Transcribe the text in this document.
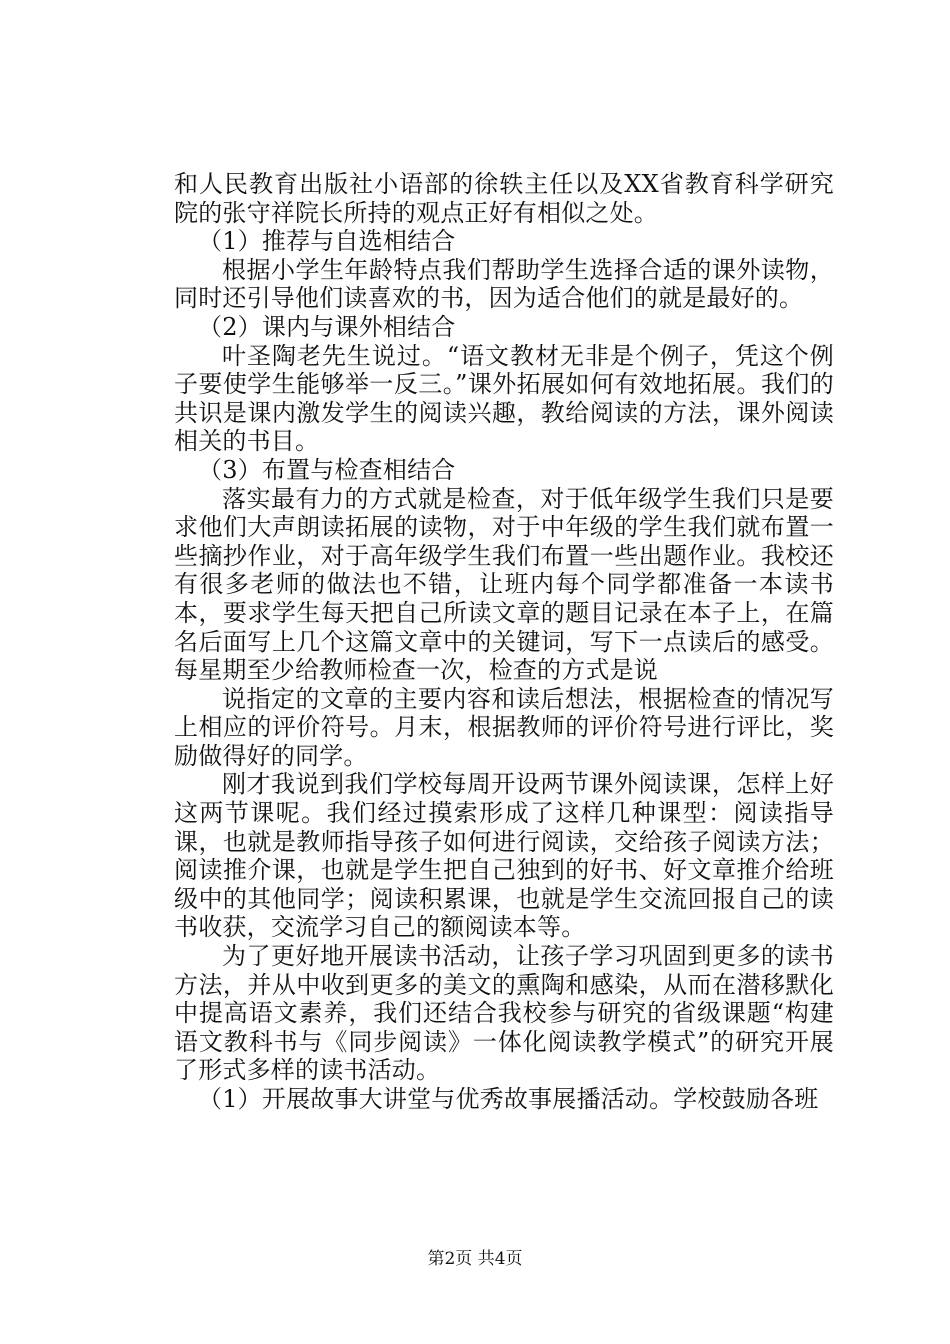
和人民教育出版社小语部的徐轶主任以及XX省教育科学研究院的张守祥院长所持的观点正好有相似之处。

（1）推荐与自选相结合

根据小学生年龄特点我们帮助学生选择合适的课外读物，同时还引导他们读喜欢的书，因为适合他们的就是最好的。

（2）课内与课外相结合

叶圣陶老先生说过。“语文教材无非是个例子，凭这个例子要使学生能够举一反三。”课外拓展如何有效地拓展。我们的共识是课内激发学生的阅读兴趣，教给阅读的方法，课外阅读相关的书目。

（3）布置与检查相结合

落实最有力的方式就是检查，对于低年级学生我们只是要求他们大声朗读拓展的读物，对于中年级的学生我们就布置一些摘抄作业，对于高年级学生我们布置一些出题作业。我校还有很多老师的做法也不错，让班内每个同学都准备一本读书本，要求学生每天把自己所读文章的题目记录在本子上，在篇名后面写上几个这篇文章中的关键词，写下一点读后的感受。每星期至少给教师检查一次，检查的方式是说

说指定的文章的主要内容和读后想法，根据检查的情况写上相应的评价符号。月末，根据教师的评价符号进行评比，奖励做得好的同学。

刚才我说到我们学校每周开设两节课外阅读课，怎样上好这两节课呢。我们经过摸索形成了这样几种课型：阅读指导课，也就是教师指导孩子如何进行阅读，交给孩子阅读方法；阅读推介课，也就是学生把自己独到的好书、好文章推介给班级中的其他同学；阅读积累课，也就是学生交流回报自己的读书收获，交流学习自己的额阅读本等。

为了更好地开展读书活动，让孩子学习巩固到更多的读书方法，并从中收到更多的美文的熏陶和感染，从而在潜移默化中提高语文素养，我们还结合我校参与研究的省级课题“构建语文教科书与《同步阅读》一体化阅读教学模式”的研究开展了形式多样的读书活动。

（1）开展故事大讲堂与优秀故事展播活动。学校鼓励各班

第2页 共4页
